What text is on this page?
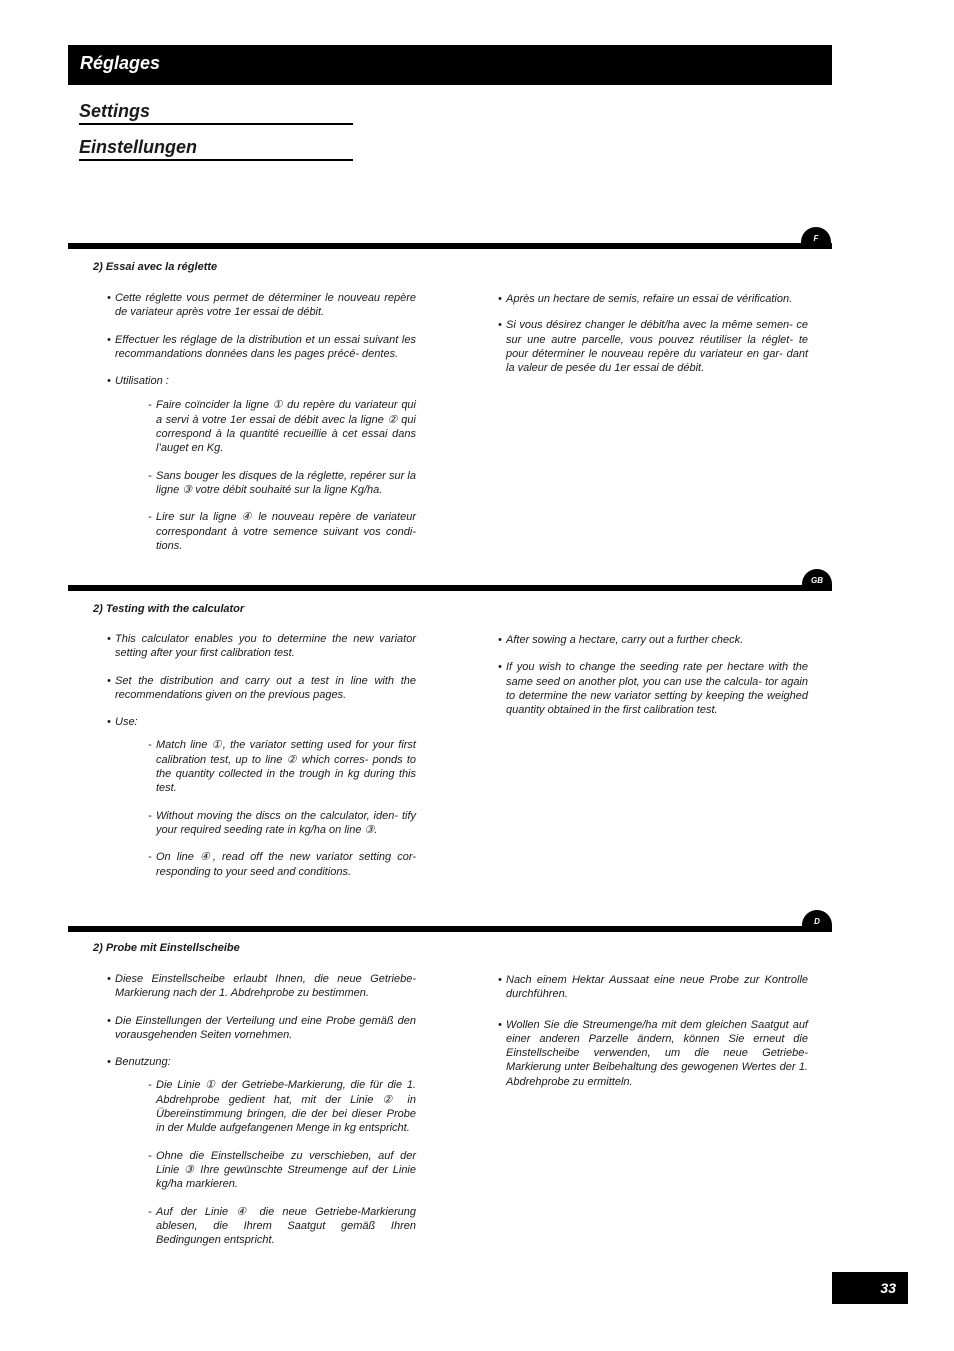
Réglages
Settings
Einstellungen
F
2) Essai avec la réglette

• Cette réglette vous permet de déterminer le nouveau repère de variateur après votre 1er essai de débit.

• Effectuer les réglage de la distribution et un essai suivant les recommandations données dans les pages précé- dentes.

• Utilisation :

- Faire coïncider la ligne ① du repère du variateur qui a servi à votre 1er essai de débit avec la ligne ② qui correspond à la quantité recueillie à cet essai dans l’auget en Kg.

- Sans bouger les disques de la réglette, repérer sur la ligne ③ votre débit souhaité sur la ligne Kg/ha.

- Lire sur la ligne ④ le nouveau repère de variateur correspondant à votre semence suivant vos condi- tions.

• Après un hectare de semis, refaire un essai de vérification.

• Si vous désirez changer le débit/ha avec la même semen- ce sur une autre parcelle, vous pouvez réutiliser la réglet- te pour déterminer le nouveau repère du variateur en gar- dant la valeur de pesée du 1er essai de débit.

GB
2) Testing with the calculator

• This calculator enables you to determine the new variator setting after your first calibration test.

• Set the distribution and carry out a test in line with the recommendations given on the previous pages.

• Use:

- Match line ①, the variator setting used for your first calibration test, up to line ② which corres- ponds to the quantity collected in the trough in kg during this test.

- Without moving the discs on the calculator, iden- tify your required seeding rate in kg/ha on line ③.

- On line ④, read off the new variator setting cor- responding to your seed and conditions.

• After sowing a hectare, carry out a further check.

• If you wish to change the seeding rate per hectare with the same seed on another plot, you can use the calcula- tor again to determine the new variator setting by keeping the weighed quantity obtained in the first calibration test.

D
2) Probe mit Einstellscheibe

• Diese Einstellscheibe erlaubt Ihnen, die neue Getriebe- Markierung nach der 1. Abdrehprobe zu bestimmen.

• Die Einstellungen der Verteilung und eine Probe gemäß den vorausgehenden Seiten vornehmen.

• Benutzung:

- Die Linie ① der Getriebe-Markierung, die für die 1. Abdrehprobe gedient hat, mit der Linie ② in Übereinstimmung bringen, die der bei dieser Probe in der Mulde aufgefangenen Menge in kg entspricht.

- Ohne die Einstellscheibe zu verschieben, auf der Linie ③ Ihre gewünschte Streumenge auf der Linie kg/ha markieren.

- Auf der Linie ④ die neue Getriebe-Markierung ablesen, die Ihrem Saatgut gemäß Ihren Bedingungen entspricht.

• Nach einem Hektar Aussaat eine neue Probe zur Kontrolle durchführen.

• Wollen Sie die Streumenge/ha mit dem gleichen Saatgut auf einer anderen Parzelle ändern, können Sie erneut die Einstellscheibe verwenden, um die neue Getriebe- Markierung unter Beibehaltung des gewogenen Wertes der 1. Abdrehprobe zu ermitteln.

33
